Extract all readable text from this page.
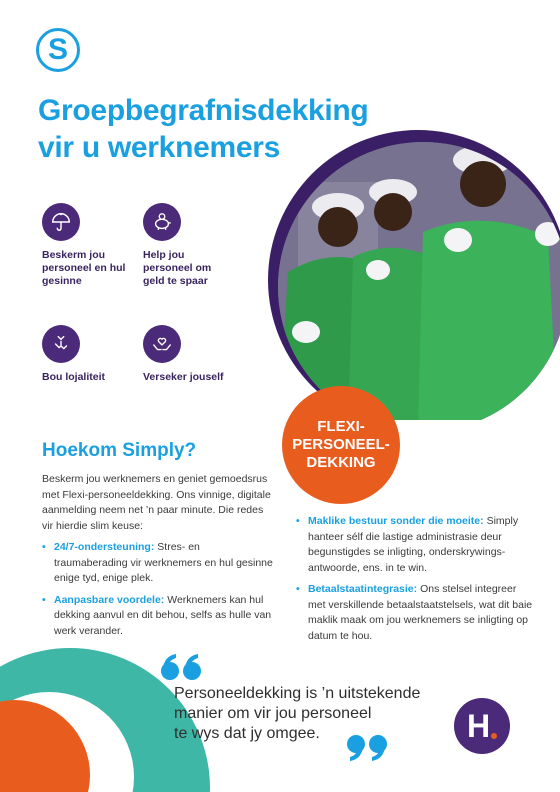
S
Groepbegrafnisdekking
vir u werknemers
FLEXI-
PERSONEEL-
DEKKING
Beskerm jou personeel en hul gesinne
Help jou personeel om geld te spaar
Bou lojaliteit	Verseker jouself
Hoekom Simply?

Beskerm jou werknemers en geniet gemoedsrus met Flexi-personeeldekking. Ons vinnige, digitale aanmelding neem net ’n paar minute. Die redes vir hierdie slim keuse:

• 24/7-ondersteuning: Stres- en traumaberading vir werknemers en hul gesinne enige tyd, enige plek.
• Aanpasbare voordele: Werknemers kan hul dekking aanvul en dit behou, selfs as hulle van werk verander.
• Maklike bestuur sonder die moeite: Simply hanteer sélf die lastige administrasie deur begunstigdes se inligting, onderskrywings-antwoorde, ens. in te win.
• Betaalstaatintegrasie: Ons stelsel integreer met verskillende betaalstaatstelsels, wat dit baie maklik maak om jou werknemers se inligting op datum te hou.
Personeeldekking is ’n uitstekende
manier om vir jou personeel
te wys dat jy omgee.	H
